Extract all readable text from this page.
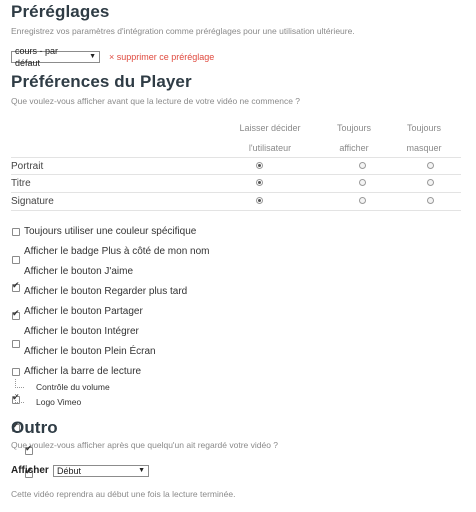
Préréglages
Enregistrez vos paramètres d'intégration comme préréglages pour une utilisation ultérieure.
cours - par défaut
▼ × supprimer ce préréglage
Préférences du Player
Que voulez-vous afficher avant que la lecture de votre vidéo ne commence ?
Laisser décider
l'utilisateur
Toujours
afficher
Toujours
masquer
Portrait
Titre
Signature
Toujours utiliser une couleur spécifique
Afficher le badge Plus à côté de mon nom
✔
Afficher le bouton J'aime
✔
Afficher le bouton Regarder plus tard
Afficher le bouton Partager
Afficher le bouton Intégrer
✔
Afficher le bouton Plein Écran
✔
Afficher la barre de lecture
✔
Contrôle du volume
✔
Logo Vimeo
Outro
Que voulez-vous afficher après que quelqu'un ait regardé votre vidéo ?
Afficher Début	▼
Cette vidéo reprendra au début une fois la lecture terminée.
